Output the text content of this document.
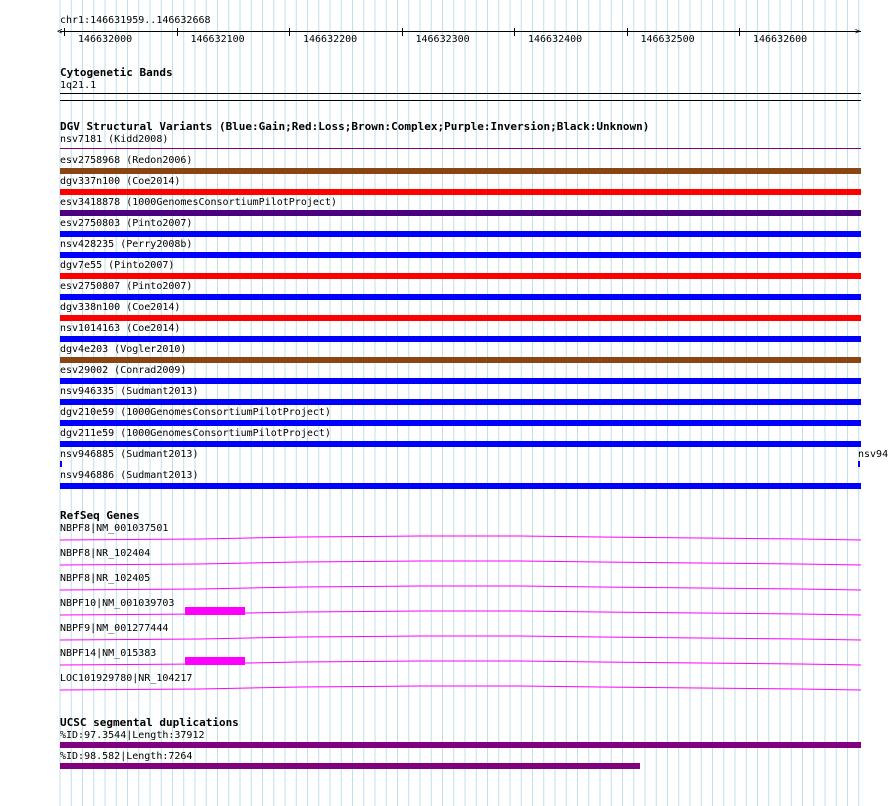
chr1:146631959..146632668
<	>
146632000	146632100	146632200	146632300	146632400	146632500	146632600
Cytogenetic Bands
1q21.1
DGV Structural Variants (Blue:Gain;Red:Loss;Brown:Complex;Purple:Inversion;Black:Unknown)
nsv7181 (Kidd2008)
esv2758968 (Redon2006)
dgv337n100 (Coe2014)
esv3418878 (1000GenomesConsortiumPilotProject)
esv2750803 (Pinto2007)
nsv428235 (Perry2008b)
dgv7e55 (Pinto2007)
esv2750807 (Pinto2007)
dgv338n100 (Coe2014)
nsv1014163 (Coe2014)
dgv4e203 (Vogler2010)
esv29002 (Conrad2009)
nsv946335 (Sudmant2013)
dgv210e59 (1000GenomesConsortiumPilotProject)
dgv211e59 (1000GenomesConsortiumPilotProject)
nsv946885 (Sudmant2013)	nsv94
nsv946886 (Sudmant2013)
RefSeq Genes
NBPF8|NM_001037501
NBPF8|NR_102404
NBPF8|NR_102405
NBPF10|NM_001039703
NBPF9|NM_001277444
NBPF14|NM_015383
LOC101929780|NR_104217
UCSC segmental duplications
%ID:97.3544|Length:37912
%ID:98.582|Length:7264
